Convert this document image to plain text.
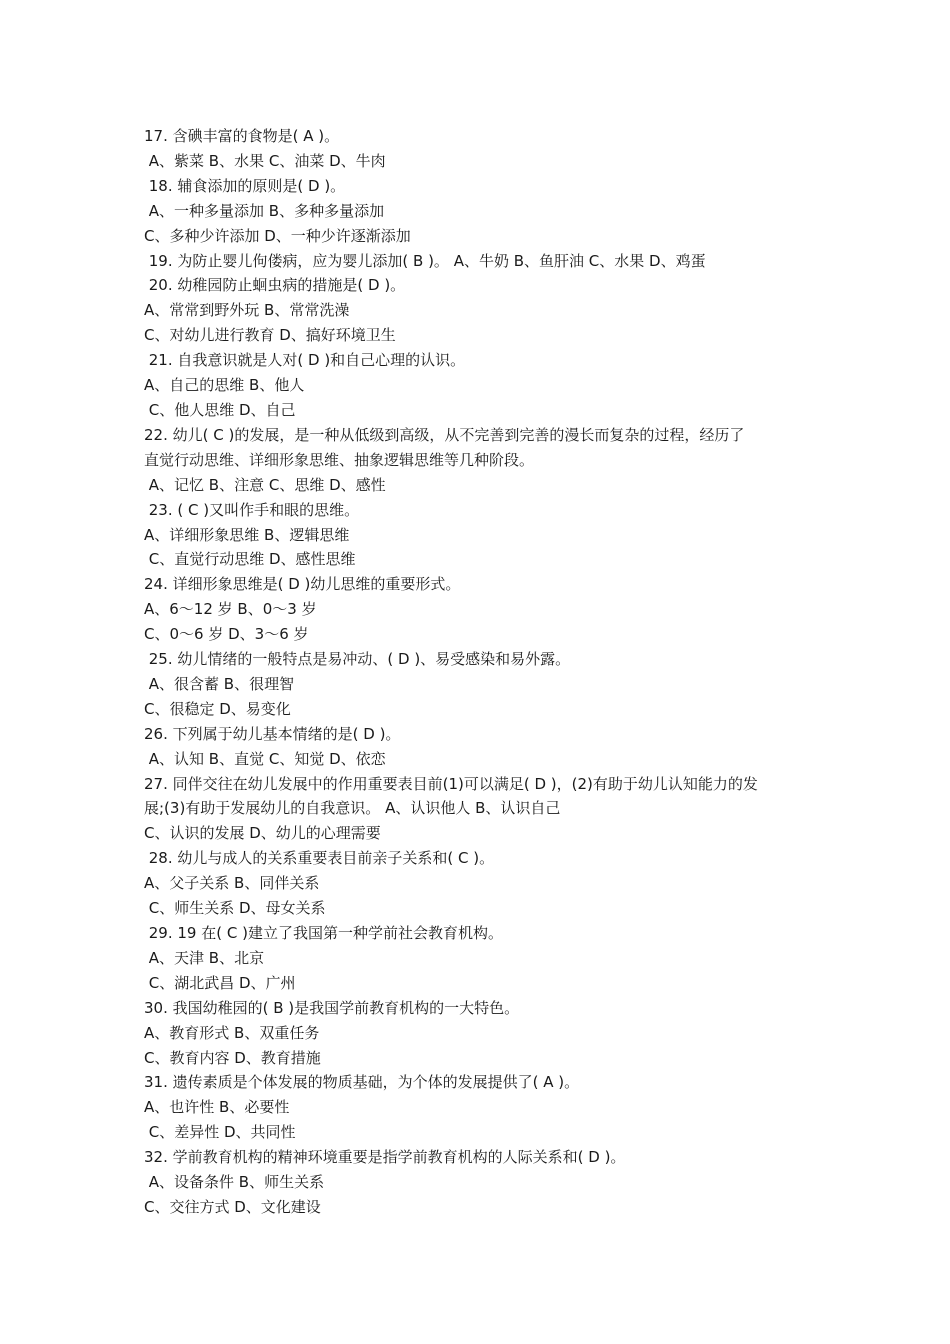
17. 含碘丰富的食物是( A )。
A、紫菜 B、水果 C、油菜 D、牛肉
18. 辅食添加的原则是( D )。
A、一种多量添加 B、多种多量添加
C、多种少许添加 D、一种少许逐渐添加
19. 为防止婴儿佝偻病，应为婴儿添加( B )。 A、牛奶 B、鱼肝油 C、水果 D、鸡蛋
20. 幼稚园防止蛔虫病的措施是( D )。
A、常常到野外玩 B、常常洗澡
C、对幼儿进行教育 D、搞好环境卫生
21. 自我意识就是人对( D )和自己心理的认识。
A、自己的思维 B、他人
C、他人思维 D、自己
22. 幼儿( C )的发展，是一种从低级到高级，从不完善到完善的漫长而复杂的过程，经历了
直觉行动思维、详细形象思维、抽象逻辑思维等几种阶段。
A、记忆 B、注意 C、思维 D、感性
23. ( C )又叫作手和眼的思维。
A、详细形象思维 B、逻辑思维
C、直觉行动思维 D、感性思维
24. 详细形象思维是( D )幼儿思维的重要形式。
A、6～12 岁 B、0～3 岁
C、0～6 岁 D、3～6 岁
25. 幼儿情绪的一般特点是易冲动、( D )、易受感染和易外露。
A、很含蓄 B、很理智
C、很稳定 D、易变化
26. 下列属于幼儿基本情绪的是( D )。
A、认知 B、直觉 C、知觉 D、依恋
27. 同伴交往在幼儿发展中的作用重要表目前(1)可以满足( D )，(2)有助于幼儿认知能力的发
展;(3)有助于发展幼儿的自我意识。 A、认识他人 B、认识自己
C、认识的发展 D、幼儿的心理需要
28. 幼儿与成人的关系重要表目前亲子关系和( C )。
A、父子关系 B、同伴关系
C、师生关系 D、母女关系
29. 19 在( C )建立了我国第一种学前社会教育机构。
A、天津 B、北京
C、湖北武昌 D、广州
30. 我国幼稚园的( B )是我国学前教育机构的一大特色。
A、教育形式 B、双重任务
C、教育内容 D、教育措施
31. 遗传素质是个体发展的物质基础，为个体的发展提供了( A )。
A、也许性 B、必要性
C、差异性 D、共同性
32. 学前教育机构的精神环境重要是指学前教育机构的人际关系和( D )。
A、设备条件 B、师生关系
C、交往方式 D、文化建设
